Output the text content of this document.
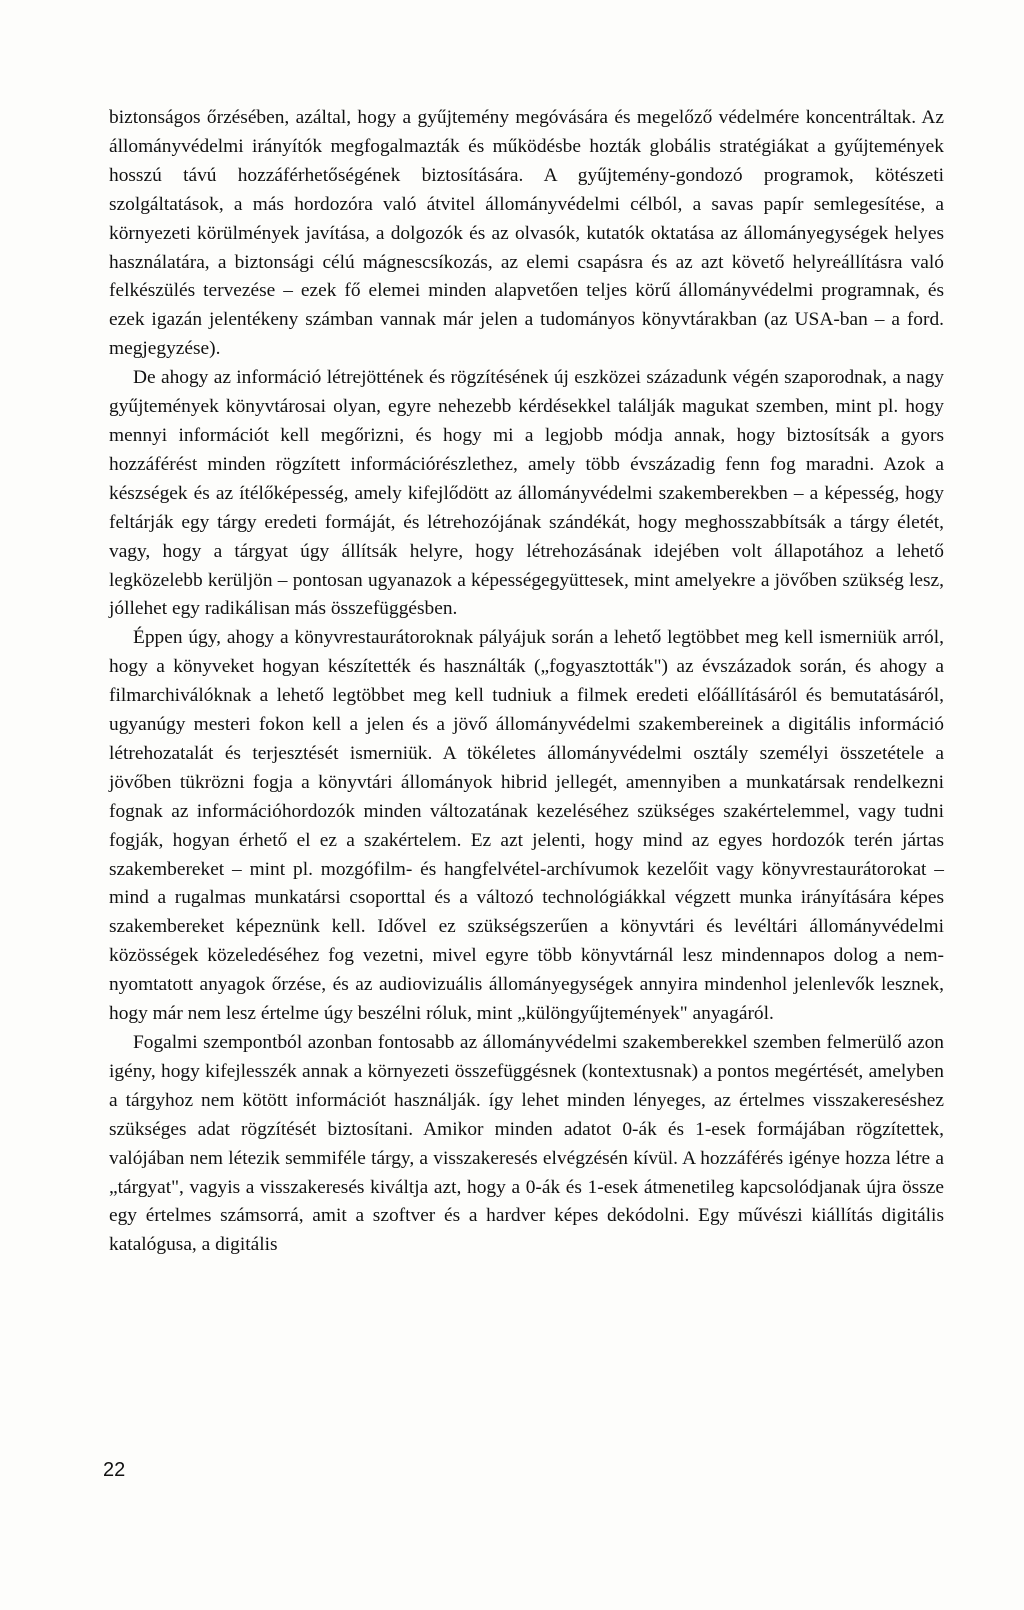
biztonságos őrzésében, azáltal, hogy a gyűjtemény megóvására és megelőző védelmére koncentráltak. Az állományvédelmi irányítók megfogalmazták és működésbe hozták globális stratégiákat a gyűjtemények hosszú távú hozzáférhetőségének biztosítására. A gyűjtemény-gondozó programok, kötészeti szolgáltatások, a más hordozóra való átvitel állományvédelmi célból, a savas papír semlegesítése, a környezeti körülmények javítása, a dolgozók és az olvasók, kutatók oktatása az állományegységek helyes használatára, a biztonsági célú mágnescsíkozás, az elemi csapásra és az azt követő helyreállításra való felkészülés tervezése – ezek fő elemei minden alapvetően teljes körű állományvédelmi programnak, és ezek igazán jelentékeny számban vannak már jelen a tudományos könyvtárakban (az USA-ban – a ford. megjegyzése).

De ahogy az információ létrejöttének és rögzítésének új eszközei századunk végén szaporodnak, a nagy gyűjtemények könyvtárosai olyan, egyre nehezebb kérdésekkel találják magukat szemben, mint pl. hogy mennyi információt kell megőrizni, és hogy mi a legjobb módja annak, hogy biztosítsák a gyors hozzáférést minden rögzített információrészlethez, amely több évszázadig fenn fog maradni. Azok a készségek és az ítélőképesség, amely kifejlődött az állományvédelmi szakemberekben – a képesség, hogy feltárják egy tárgy eredeti formáját, és létrehozójának szándékát, hogy meghosszabbítsák a tárgy életét, vagy, hogy a tárgyat úgy állítsák helyre, hogy létrehozásának idejében volt állapotához a lehető legközelebb kerüljön – pontosan ugyanazok a képességegyüttesek, mint amelyekre a jövőben szükség lesz, jóllehet egy radikálisan más összefüggésben.

Éppen úgy, ahogy a könyvrestaurátoroknak pályájuk során a lehető legtöbbet meg kell ismerniük arról, hogy a könyveket hogyan készítették és használták („fogyasztották") az évszázadok során, és ahogy a filmarchiválóknak a lehető legtöbbet meg kell tudniuk a filmek eredeti előállításáról és bemutatásáról, ugyanúgy mesteri fokon kell a jelen és a jövő állományvédelmi szakembereinek a digitális információ létrehozatalát és terjesztését ismerniük. A tökéletes állományvédelmi osztály személyi összetétele a jövőben tükrözni fogja a könyvtári állományok hibrid jellegét, amennyiben a munkatársak rendelkezni fognak az információhordozók minden változatának kezeléséhez szükséges szakértelemmel, vagy tudni fogják, hogyan érhető el ez a szakértelem. Ez azt jelenti, hogy mind az egyes hordozók terén jártas szakembereket – mint pl. mozgófilm- és hangfelvétel-archívumok kezelőit vagy könyvrestaurátorokat – mind a rugalmas munkatársi csoporttal és a változó technológiákkal végzett munka irányítására képes szakembereket képeznünk kell. Idővel ez szükségszerűen a könyvtári és levéltári állományvédelmi közösségek közeledéséhez fog vezetni, mivel egyre több könyvtárnál lesz mindennapos dolog a nem-nyomtatott anyagok őrzése, és az audiovizuális állományegységek annyira mindenhol jelenlevők lesznek, hogy már nem lesz értelme úgy beszélni róluk, mint „különgyűjtemények" anyagáról.

Fogalmi szempontból azonban fontosabb az állományvédelmi szakemberekkel szemben felmerülő azon igény, hogy kifejlesszék annak a környezeti összefüggésnek (kontextusnak) a pontos megértését, amelyben a tárgyhoz nem kötött információt használják. így lehet minden lényeges, az értelmes visszakereséshez szükséges adat rögzítését biztosítani. Amikor minden adatot 0-ák és 1-esek formájában rögzítettek, valójában nem létezik semmiféle tárgy, a visszakeresés elvégzésén kívül. A hozzáférés igénye hozza létre a „tárgyat", vagyis a visszakeresés kiváltja azt, hogy a 0-ák és 1-esek átmenetileg kapcsolódjanak újra össze egy értelmes számsorrá, amit a szoftver és a hardver képes dekódolni. Egy művészi kiállítás digitális katalógusa, a digitális

22
